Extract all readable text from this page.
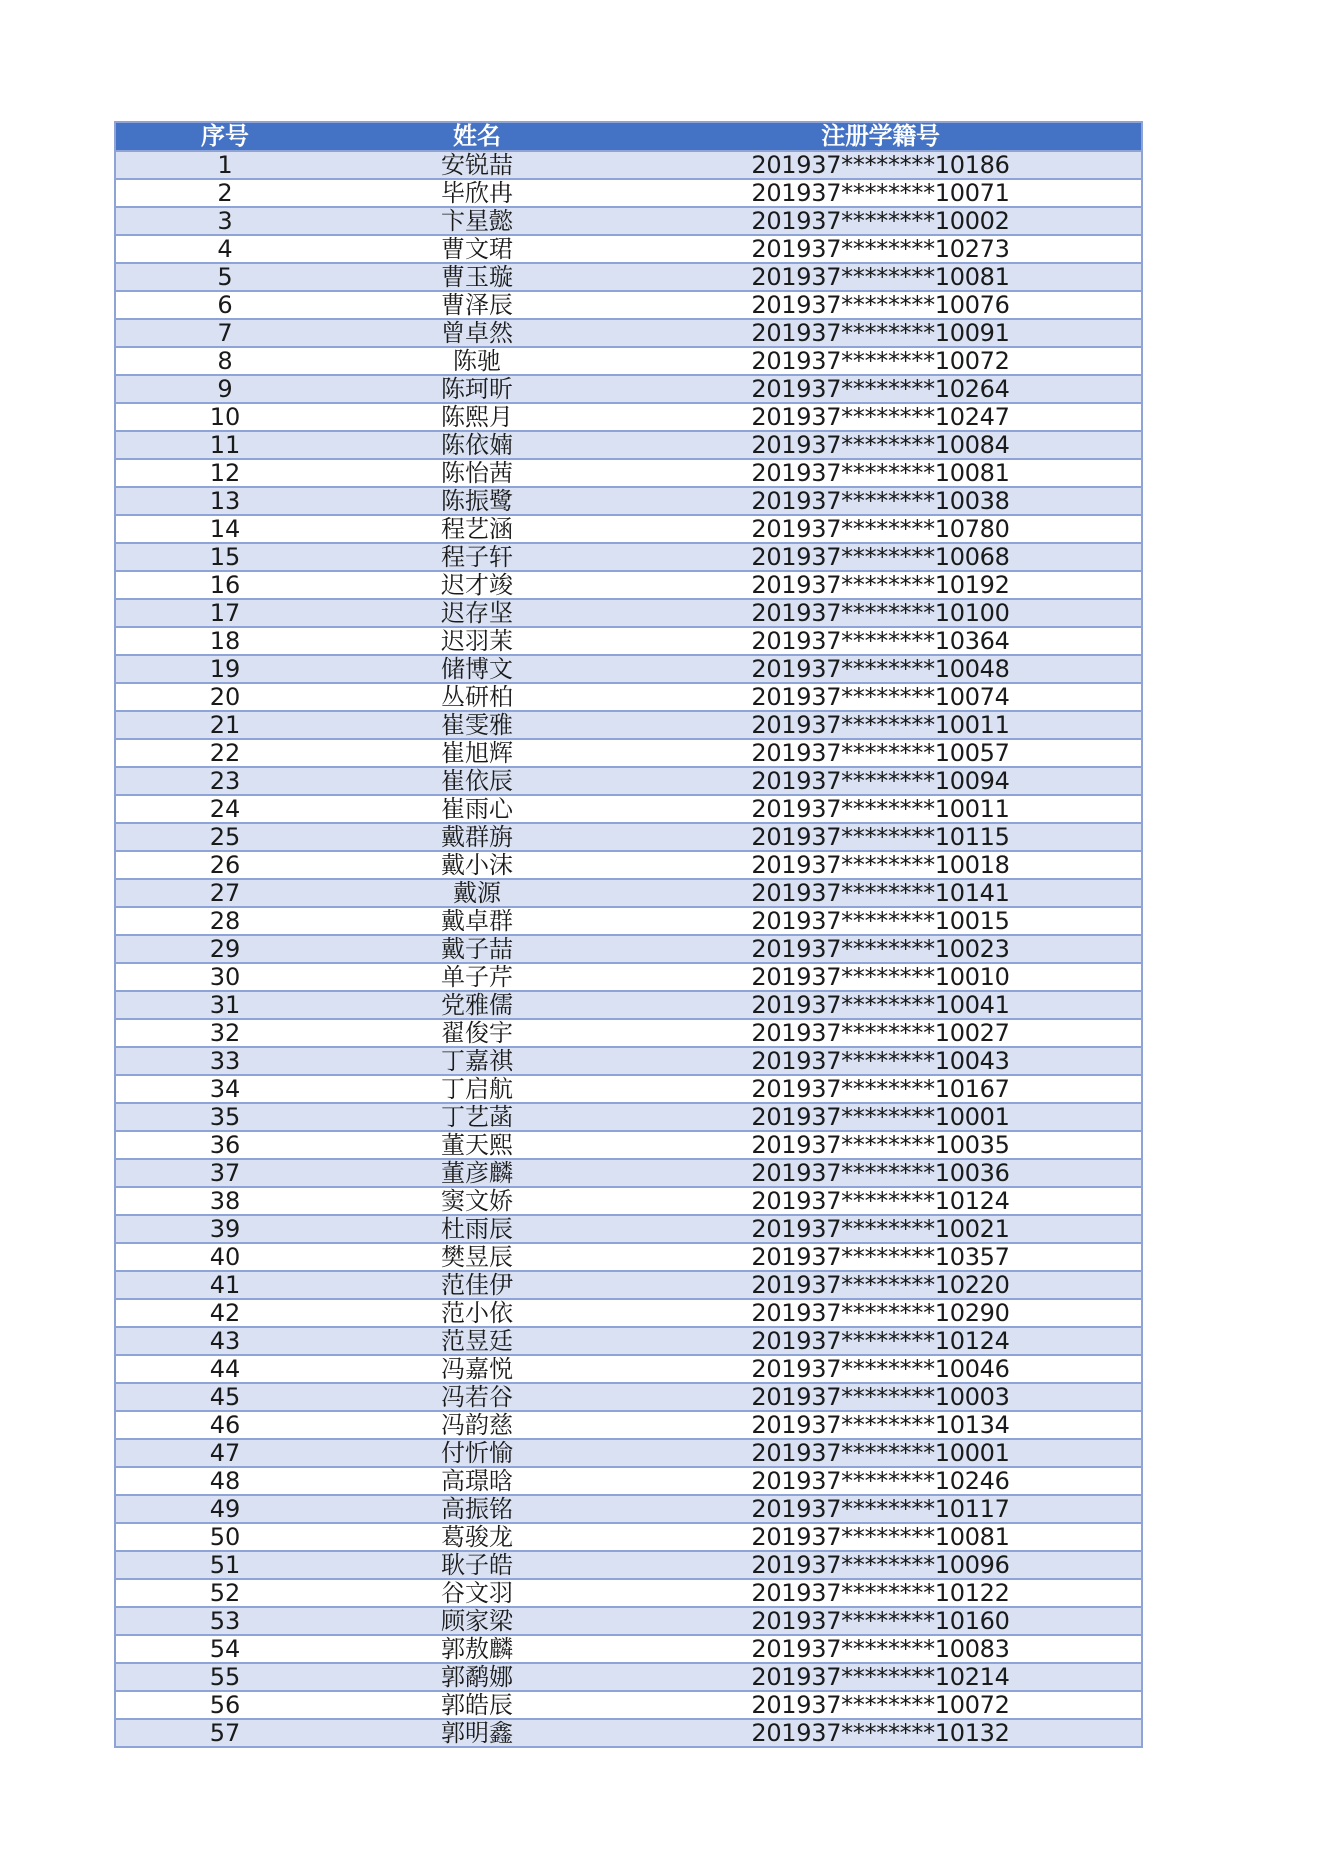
序号	姓名	注册学籍号
1	安锐喆	201937********10186
2	毕欣冉	201937********10071
3	卞星懿	201937********10002
4	曹文珺	201937********10273
5	曹玉璇	201937********10081
6	曹泽辰	201937********10076
7	曾卓然	201937********10091
8	陈驰	201937********10072
9	陈珂昕	201937********10264
10	陈熙月	201937********10247
11	陈依婻	201937********10084
12	陈怡茜	201937********10081
13	陈振鹭	201937********10038
14	程艺涵	201937********10780
15	程子轩	201937********10068
16	迟才竣	201937********10192
17	迟存坚	201937********10100
18	迟羽茉	201937********10364
19	储博文	201937********10048
20	丛研柏	201937********10074
21	崔雯雅	201937********10011
22	崔旭辉	201937********10057
23	崔依辰	201937********10094
24	崔雨心	201937********10011
25	戴群旃	201937********10115
26	戴小沫	201937********10018
27	戴源	201937********10141
28	戴卓群	201937********10015
29	戴子喆	201937********10023
30	单子芹	201937********10010
31	党雅儒	201937********10041
32	翟俊宇	201937********10027
33	丁嘉祺	201937********10043
34	丁启航	201937********10167
35	丁艺菡	201937********10001
36	董天熙	201937********10035
37	董彦麟	201937********10036
38	窦文娇	201937********10124
39	杜雨辰	201937********10021
40	樊昱辰	201937********10357
41	范佳伊	201937********10220
42	范小依	201937********10290
43	范昱廷	201937********10124
44	冯嘉悦	201937********10046
45	冯若谷	201937********10003
46	冯韵慈	201937********10134
47	付忻愉	201937********10001
48	高璟晗	201937********10246
49	高振铭	201937********10117
50	葛骏龙	201937********10081
51	耿子皓	201937********10096
52	谷文羽	201937********10122
53	顾家梁	201937********10160
54	郭敖麟	201937********10083
55	郭鹬娜	201937********10214
56	郭皓辰	201937********10072
57	郭明鑫	201937********10132
